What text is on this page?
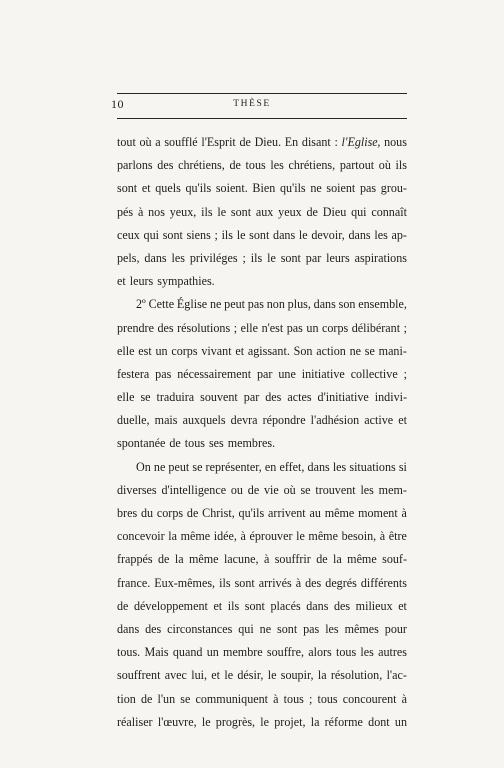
10	THÈSE
tout où a soufflé l'Esprit de Dieu. En disant : l'Eglise , nous
parlons des chrétiens, de tous les chrétiens, partout où ils
sont et quels qu'ils soient. Bien qu'ils ne soient pas grou-
pés à nos yeux, ils le sont aux yeux de Dieu qui connaît
ceux qui sont siens ; ils le sont dans le devoir, dans les ap-
pels, dans les priviléges ; ils le sont par leurs aspirations
et leurs sympathies.
2º Cette Église ne peut pas non plus, dans son ensemble,
prendre des résolutions ; elle n'est pas un corps délibérant ;
elle est un corps vivant et agissant. Son action ne se mani-
festera pas nécessairement par une initiative collective ;
elle se traduira souvent par des actes d'initiative indivi-
duelle, mais auxquels devra répondre l'adhésion active et
spontanée de tous ses membres.
On ne peut se représenter, en effet, dans les situations si
diverses d'intelligence ou de vie où se trouvent les mem-
bres du corps de Christ, qu'ils arrivent au même moment à
concevoir la même idée, à éprouver le même besoin, à être
frappés de la même lacune, à souffrir de la même souf-
france. Eux-mêmes, ils sont arrivés à des degrés différents
de développement et ils sont placés dans des milieux et
dans des circonstances qui ne sont pas les mêmes pour
tous. Mais quand un membre souffre, alors tous les autres
souffrent avec lui, et le désir, le soupir, la résolution, l'ac-
tion de l'un se communiquent à tous ; tous concourent à
réaliser l'œuvre, le progrès, le projet, la réforme dont un
